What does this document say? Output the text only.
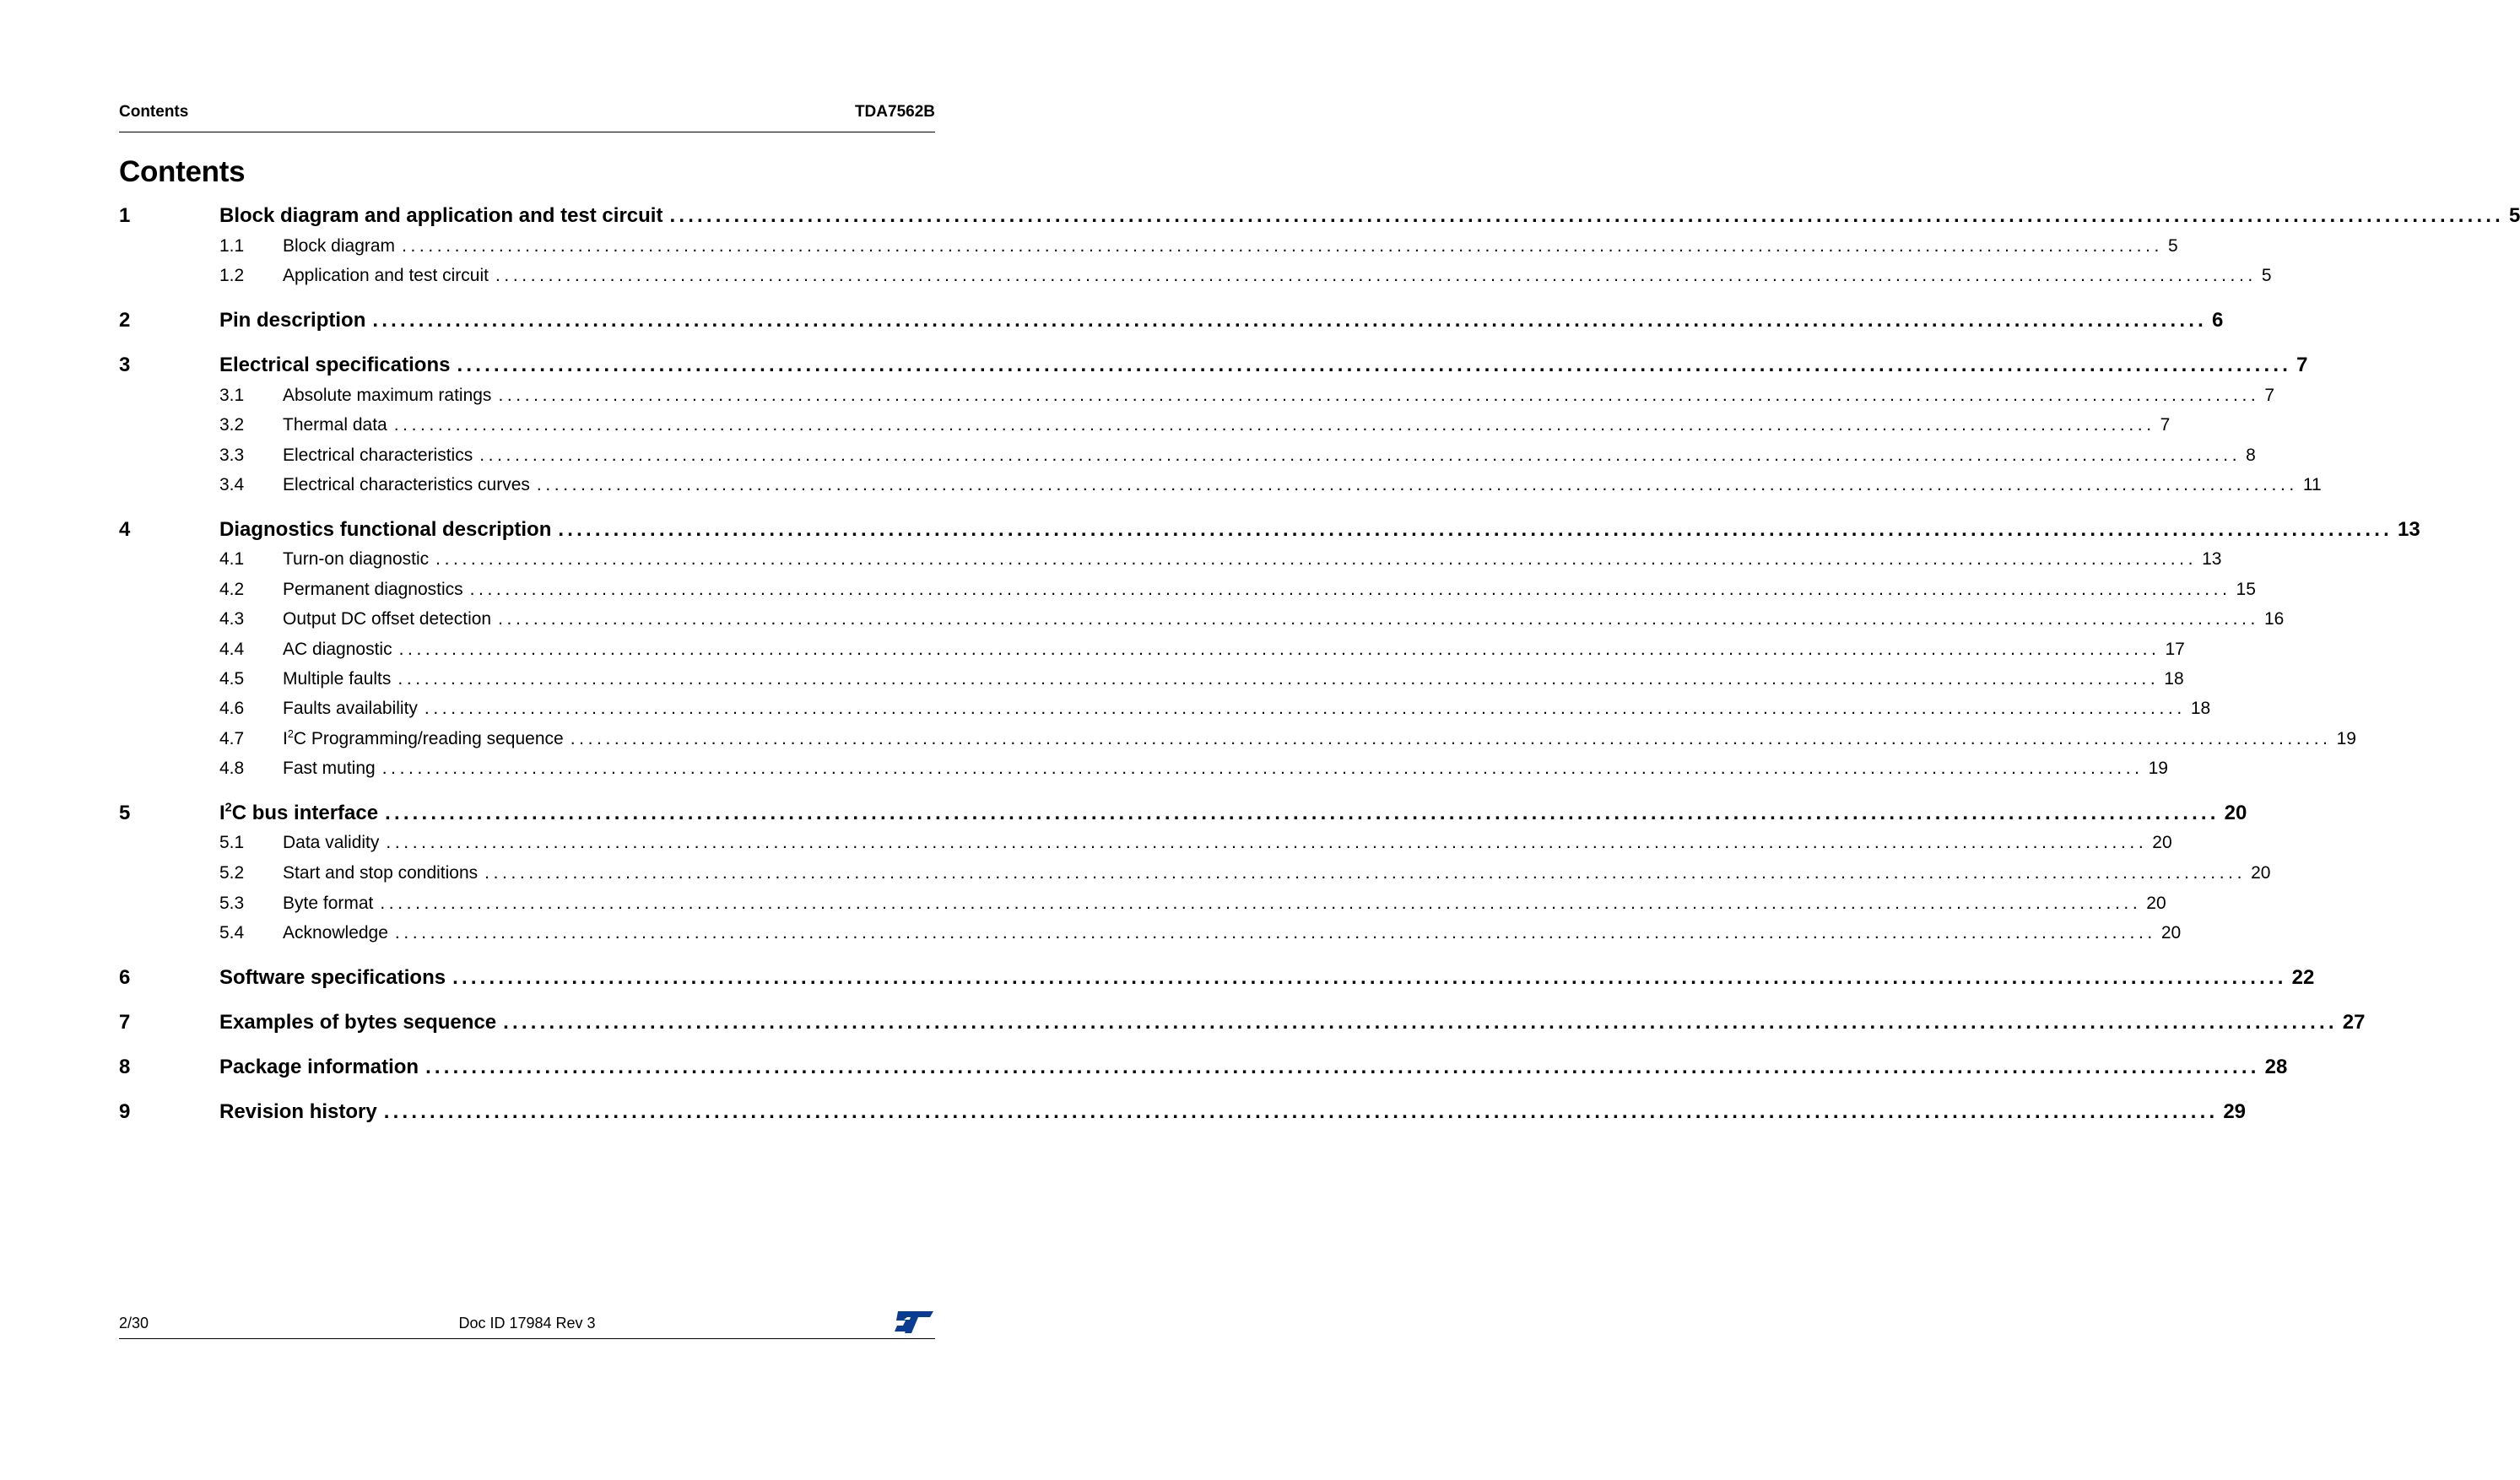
Contents	TDA7562B
Contents
1	Block diagram and application and test circuit ........................................................................................................................................................................................................ 5
1.1	Block diagram ........................................................................................................................................................................................................ 5
1.2	Application and test circuit ........................................................................................................................................................................................................ 5
2	Pin description ........................................................................................................................................................................................................ 6
3	Electrical specifications ........................................................................................................................................................................................................ 7
3.1	Absolute maximum ratings ........................................................................................................................................................................................................ 7
3.2	Thermal data ........................................................................................................................................................................................................ 7
3.3	Electrical characteristics ........................................................................................................................................................................................................ 8
3.4	Electrical characteristics curves ........................................................................................................................................................................................................ 11
4	Diagnostics functional description ........................................................................................................................................................................................................ 13
4.1	Turn-on diagnostic ........................................................................................................................................................................................................ 13
4.2	Permanent diagnostics ........................................................................................................................................................................................................ 15
4.3	Output DC offset detection ........................................................................................................................................................................................................ 16
4.4	AC diagnostic ........................................................................................................................................................................................................ 17
4.5	Multiple faults ........................................................................................................................................................................................................ 18
4.6	Faults availability ........................................................................................................................................................................................................ 18
4.7	$I^2C$ Programming/reading sequence ........................................................................................................................................................................................................ 19
4.8	Fast muting ........................................................................................................................................................................................................ 19
5	$I^2C$ bus interface ........................................................................................................................................................................................................ 20
5.1	Data validity ........................................................................................................................................................................................................ 20
5.2	Start and stop conditions ........................................................................................................................................................................................................ 20
5.3	Byte format ........................................................................................................................................................................................................ 20
5.4	Acknowledge ........................................................................................................................................................................................................ 20
6	Software specifications ........................................................................................................................................................................................................ 22
7	Examples of bytes sequence ........................................................................................................................................................................................................ 27
8	Package information ........................................................................................................................................................................................................ 28
9	Revision history ........................................................................................................................................................................................................ 29
2/30	Doc ID 17984 Rev 3
